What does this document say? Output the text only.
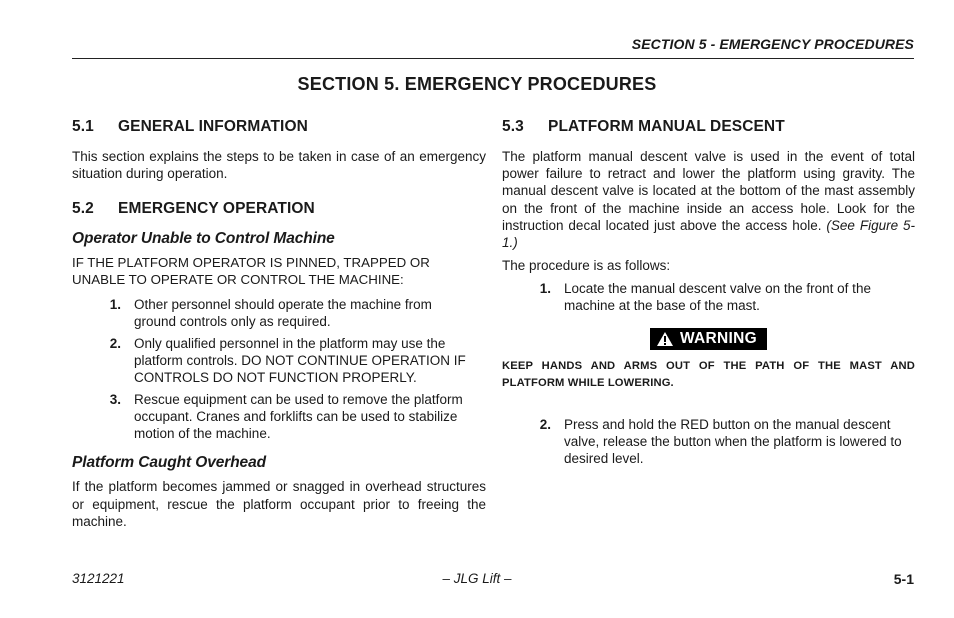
SECTION 5 - EMERGENCY PROCEDURES
SECTION 5. EMERGENCY PROCEDURES
5.1	GENERAL INFORMATION

This section explains the steps to be taken in case of an emergency situation during operation.

5.2	EMERGENCY OPERATION
Operator Unable to Control Machine

IF THE PLATFORM OPERATOR IS PINNED, TRAPPED OR UNABLE TO OPERATE OR CONTROL THE MACHINE:

1. Other personnel should operate the machine from ground controls only as required.
2. Only qualified personnel in the platform may use the platform controls. DO NOT CONTINUE OPERATION IF CONTROLS DO NOT FUNCTION PROPERLY.
3. Rescue equipment can be used to remove the platform occupant. Cranes and forklifts can be used to stabilize motion of the machine.
Platform Caught Overhead

If the platform becomes jammed or snagged in overhead structures or equipment, rescue the platform occupant prior to freeing the machine.

5.3	PLATFORM MANUAL DESCENT

The platform manual descent valve is used in the event of total power failure to retract and lower the platform using gravity. The manual descent valve is located at the bottom of the mast assembly on the front of the machine inside an access hole. Look for the instruction decal located just above the access hole. (See Figure 5-1.)

The procedure is as follows:

1. Locate the manual descent valve on the front of the machine at the base of the mast.
WARNING

KEEP HANDS AND ARMS OUT OF THE PATH OF THE MAST AND PLATFORM WHILE LOWERING.

2. Press and hold the RED button on the manual descent valve, release the button when the platform is lowered to desired level.
3121221	– JLG Lift –	5-1
